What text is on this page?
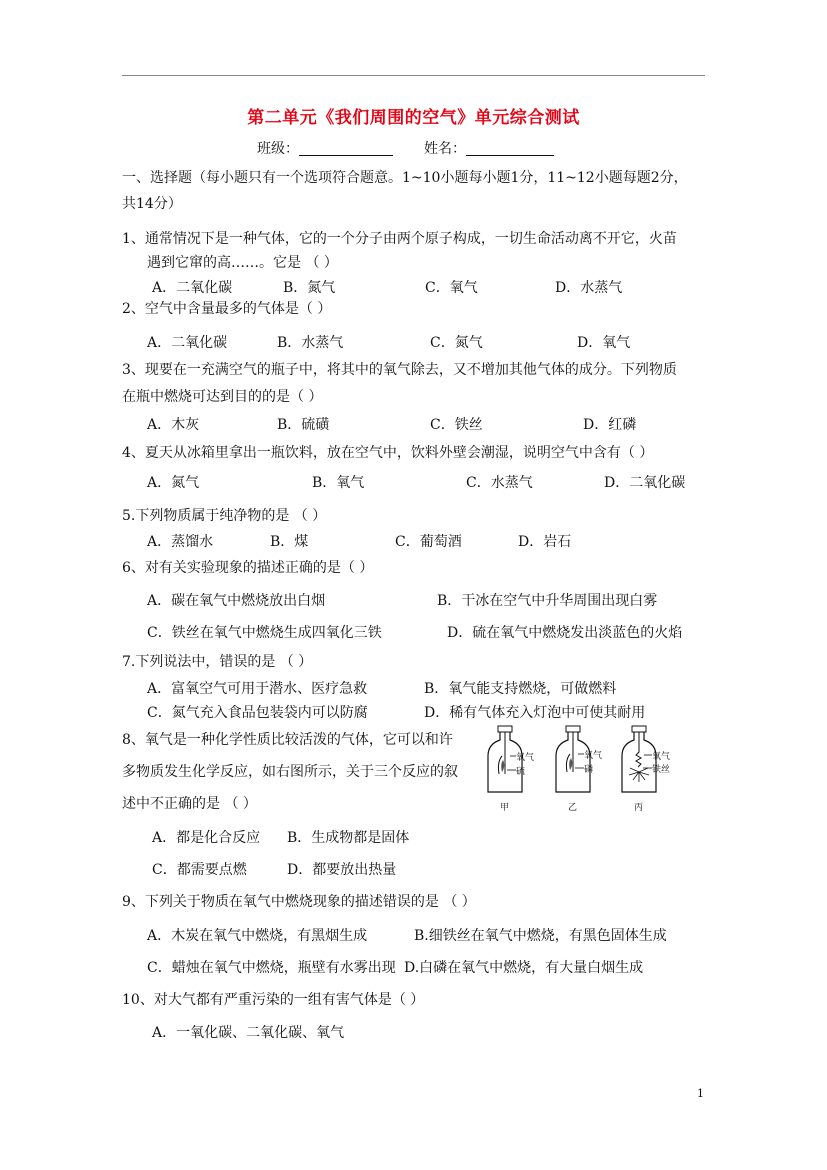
第二单元《我们周围的空气》单元综合测试
班级：	姓名：
一、选择题（每小题只有一个选项符合题意。1~10小题每小题1分，11~12小题每题2分，
共14分）
1、通常情况下是一种气体，它的一个分子由两个原子构成，一切生命活动离不开它，火苗
遇到它窜的高……。它是 （ ）
A．二氧化碳	B．氮气	C．氧气	D．水蒸气
2、空气中含量最多的气体是（ ）
A．二氧化碳	B．水蒸气	C．氮气	D．氧气
3、现要在一充满空气的瓶子中，将其中的氧气除去，又不增加其他气体的成分。下列物质
在瓶中燃烧可达到目的的是（ ）
A．木灰	B．硫磺	C．铁丝	D．红磷
4、夏天从冰箱里拿出一瓶饮料，放在空气中，饮料外壁会潮湿，说明空气中含有（ ）
A．氮气	B．氧气	C．水蒸气	D．二氧化碳
5.下列物质属于纯净物的是 （ ）
A．蒸馏水	B．煤	C．葡萄酒	D．岩石
6、对有关实验现象的描述正确的是（ ）
A．碳在氧气中燃烧放出白烟	B．干冰在空气中升华周围出现白雾
C．铁丝在氧气中燃烧生成四氧化三铁	D．硫在氧气中燃烧发出淡蓝色的火焰
7.下列说法中，错误的是 （ ）
A．富氧空气可用于潜水、医疗急救	B．氧气能支持燃烧，可做燃料
C．氮气充入食品包装袋内可以防腐	D．稀有气体充入灯泡中可使其耐用
8、氧气是一种化学性质比较活泼的气体，它可以和许
多物质发生化学反应，如右图所示，关于三个反应的叙
述中不正确的是 （ ）
氧气
硫
甲
氧气
磷
乙
氧气
铁丝
丙
A．都是化合反应 B．生成物都是固体
C．都需要点燃	D．都要放出热量
9、下列关于物质在氧气中燃烧现象的描述错误的是 （ ）
A．木炭在氧气中燃烧，有黑烟生成	B.细铁丝在氧气中燃烧，有黑色固体生成
C．蜡烛在氧气中燃烧，瓶壁有水雾出现 D.白磷在氧气中燃烧，有大量白烟生成
10、对大气都有严重污染的一组有害气体是（ ）
A．一氧化碳、二氧化碳、氧气
1
